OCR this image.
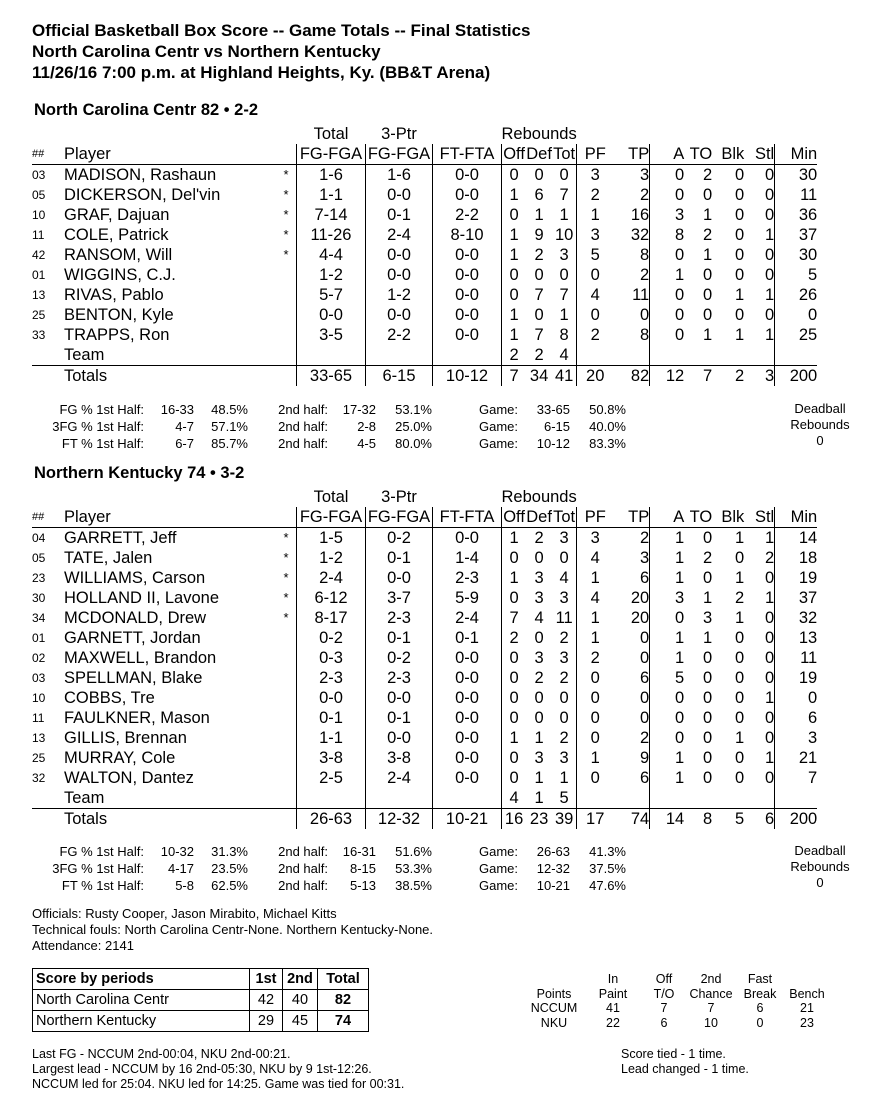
Official Basketball Box Score -- Game Totals -- Final Statistics
North Carolina Centr vs Northern Kentucky
11/26/16 7:00 p.m. at Highland Heights, Ky. (BB&T Arena)
North Carolina Centr 82 • 2-2
			Total	3-Ptr		Rebounds									
##	Player		FG-FGA	FG-FGA	FT-FTA	Off	Def	Tot	PF	TP	A	TO	Blk	Stl	Min
03	MADISON, Rashaun	*	1-6	1-6	0-0	0	0	0	3	3	0	2	0	0	30
05	DICKERSON, Del'vin	*	1-1	0-0	0-0	1	6	7	2	2	0	0	0	0	11
10	GRAF, Dajuan	*	7-14	0-1	2-2	0	1	1	1	16	3	1	0	0	36
11	COLE, Patrick	*	11-26	2-4	8-10	1	9	10	3	32	8	2	0	1	37
42	RANSOM, Will	*	4-4	0-0	0-0	1	2	3	5	8	0	1	0	0	30
01	WIGGINS, C.J.		1-2	0-0	0-0	0	0	0	0	2	1	0	0	0	5
13	RIVAS, Pablo		5-7	1-2	0-0	0	7	7	4	11	0	0	1	1	26
25	BENTON, Kyle		0-0	0-0	0-0	1	0	1	0	0	0	0	0	0	0
33	TRAPPS, Ron		3-5	2-2	0-0	1	7	8	2	8	0	1	1	1	25
	Team					2	2	4							
	Totals		33-65	6-15	10-12	7	34	41	20	82	12	7	2	3	200
FG % 1st Half:	16-33	48.5%	2nd half:	17-32	53.1%	Game:	33-65	50.8%
3FG % 1st Half:	4-7	57.1%	2nd half:	2-8	25.0%	Game:	6-15	40.0%
FT % 1st Half:	6-7	85.7%	2nd half:	4-5	80.0%	Game:	10-12	83.3%
Deadball
Rebounds
0
Northern Kentucky 74 • 3-2
			Total	3-Ptr		Rebounds									
##	Player		FG-FGA	FG-FGA	FT-FTA	Off	Def	Tot	PF	TP	A	TO	Blk	Stl	Min
04	GARRETT, Jeff	*	1-5	0-2	0-0	1	2	3	3	2	1	0	1	1	14
05	TATE, Jalen	*	1-2	0-1	1-4	0	0	0	4	3	1	2	0	2	18
23	WILLIAMS, Carson	*	2-4	0-0	2-3	1	3	4	1	6	1	0	1	0	19
30	HOLLAND II, Lavone	*	6-12	3-7	5-9	0	3	3	4	20	3	1	2	1	37
34	MCDONALD, Drew	*	8-17	2-3	2-4	7	4	11	1	20	0	3	1	0	32
01	GARNETT, Jordan		0-2	0-1	0-1	2	0	2	1	0	1	1	0	0	13
02	MAXWELL, Brandon		0-3	0-2	0-0	0	3	3	2	0	1	0	0	0	11
03	SPELLMAN, Blake		2-3	2-3	0-0	0	2	2	0	6	5	0	0	0	19
10	COBBS, Tre		0-0	0-0	0-0	0	0	0	0	0	0	0	0	1	0
11	FAULKNER, Mason		0-1	0-1	0-0	0	0	0	0	0	0	0	0	0	6
13	GILLIS, Brennan		1-1	0-0	0-0	1	1	2	0	2	0	0	1	0	3
25	MURRAY, Cole		3-8	3-8	0-0	0	3	3	1	9	1	0	0	1	21
32	WALTON, Dantez		2-5	2-4	0-0	0	1	1	0	6	1	0	0	0	7
	Team					4	1	5							
	Totals		26-63	12-32	10-21	16	23	39	17	74	14	8	5	6	200
FG % 1st Half:	10-32	31.3%	2nd half:	16-31	51.6%	Game:	26-63	41.3%
3FG % 1st Half:	4-17	23.5%	2nd half:	8-15	53.3%	Game:	12-32	37.5%
FT % 1st Half:	5-8	62.5%	2nd half:	5-13	38.5%	Game:	10-21	47.6%
Deadball
Rebounds
0
Officials: Rusty Cooper, Jason Mirabito, Michael Kitts
Technical fouls: North Carolina Centr-None. Northern Kentucky-None.
Attendance: 2141
Score by periods	1st	2nd	Total
North Carolina Centr	42	40	82
Northern Kentucky	29	45	74
	In	Off	2nd	Fast	
Points	Paint	T/O	Chance	Break	Bench
NCCUM	41	7	7	6	21
NKU	22	6	10	0	23
Last FG - NCCUM 2nd-00:04, NKU 2nd-00:21.
Largest lead - NCCUM by 16 2nd-05:30, NKU by 9 1st-12:26.
NCCUM led for 25:04. NKU led for 14:25. Game was tied for 00:31.
Score tied - 1 time.
Lead changed - 1 time.
